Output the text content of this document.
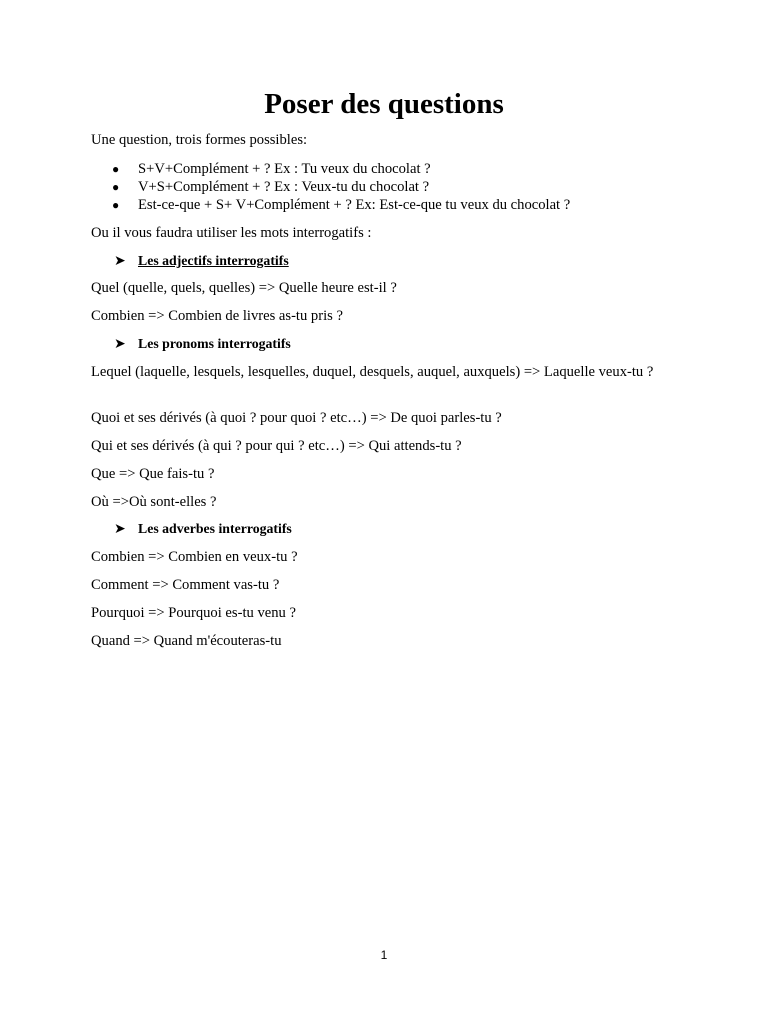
Poser des questions

Une question, trois formes possibles:

● S+V+Complément + ? Ex : Tu veux du chocolat ?
● V+S+Complément + ? Ex : Veux-tu du chocolat ?
● Est-ce-que + S+ V+Complément + ? Ex: Est-ce-que tu veux du chocolat ?

Ou il vous faudra utiliser les mots interrogatifs :

➤ Les adjectifs interrogatifs

Quel (quelle, quels, quelles) => Quelle heure est-il ?

Combien => Combien de livres as-tu pris ?

➤ Les pronoms interrogatifs
Lequel (laquelle, lesquels, lesquelles, duquel, desquels, auquel, auxquels) => Laquelle veux-tu ?

Quoi et ses dérivés (à quoi ? pour quoi ? etc…) => De quoi parles-tu ?

Qui et ses dérivés (à qui ? pour qui ? etc…) => Qui attends-tu ?

Que => Que fais-tu ?

Où =>Où sont-elles ?

➤ Les adverbes interrogatifs

Combien => Combien en veux-tu ?

Comment => Comment vas-tu ?

Pourquoi => Pourquoi es-tu venu ?

Quand => Quand m'écouteras-tu

1
